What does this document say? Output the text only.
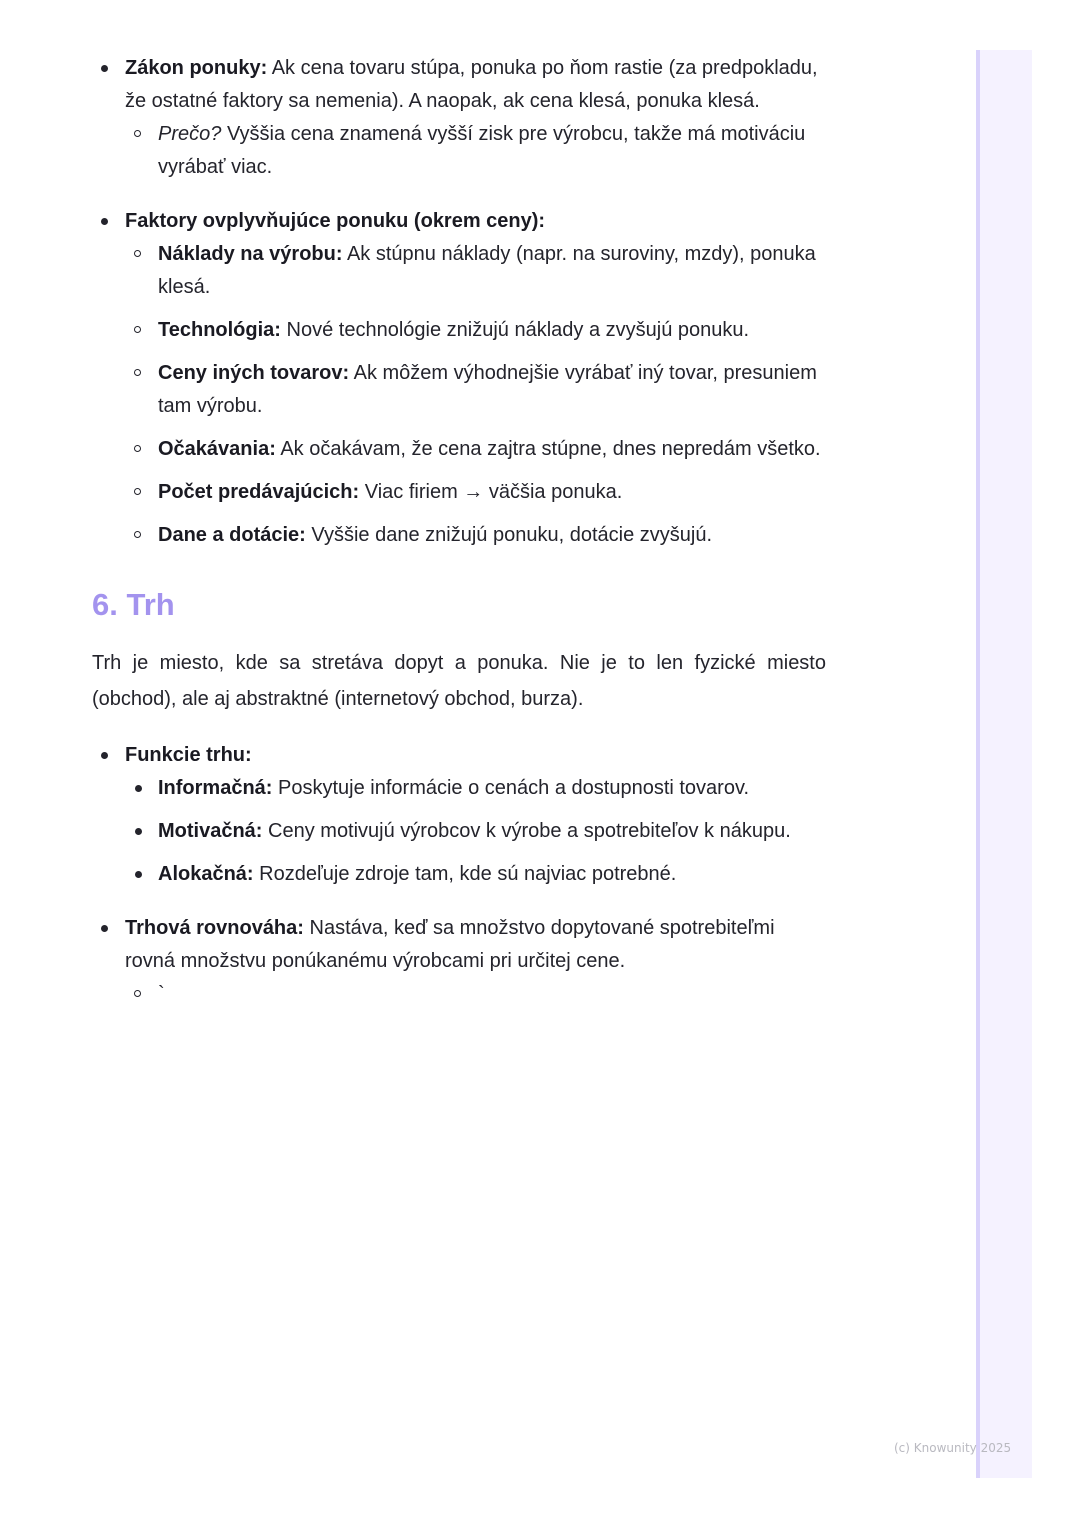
Zákon ponuky: Ak cena tovaru stúpa, ponuka po ňom rastie (za predpokladu, že ostatné faktory sa nemenia). A naopak, ak cena klesá, ponuka klesá.
Prečo? Vyššia cena znamená vyšší zisk pre výrobcu, takže má motiváciu vyrábať viac.
Faktory ovplyvňujúce ponuku (okrem ceny):
Náklady na výrobu: Ak stúpnu náklady (napr. na suroviny, mzdy), ponuka klesá.
Technológia: Nové technológie znižujú náklady a zvyšujú ponuku.
Ceny iných tovarov: Ak môžem výhodnejšie vyrábať iný tovar, presuniem tam výrobu.
Očakávania: Ak očakávam, že cena zajtra stúpne, dnes nepredám všetko.
Počet predávajúcich: Viac firiem → väčšia ponuka.
Dane a dotácie: Vyššie dane znižujú ponuku, dotácie zvyšujú.
6. Trh

Trh je miesto, kde sa stretáva dopyt a ponuka. Nie je to len fyzické miesto (obchod), ale aj abstraktné (internetový obchod, burza).

Funkcie trhu:
Informačná: Poskytuje informácie o cenách a dostupnosti tovarov.
Motivačná: Ceny motivujú výrobcov k výrobe a spotrebiteľov k nákupu.
Alokačná: Rozdeľuje zdroje tam, kde sú najviac potrebné.
Trhová rovnováha: Nastáva, keď sa množstvo dopytované spotrebiteľmi rovná množstvu ponúkanému výrobcami pri určitej cene.
`
(c) Knowunity 2025
